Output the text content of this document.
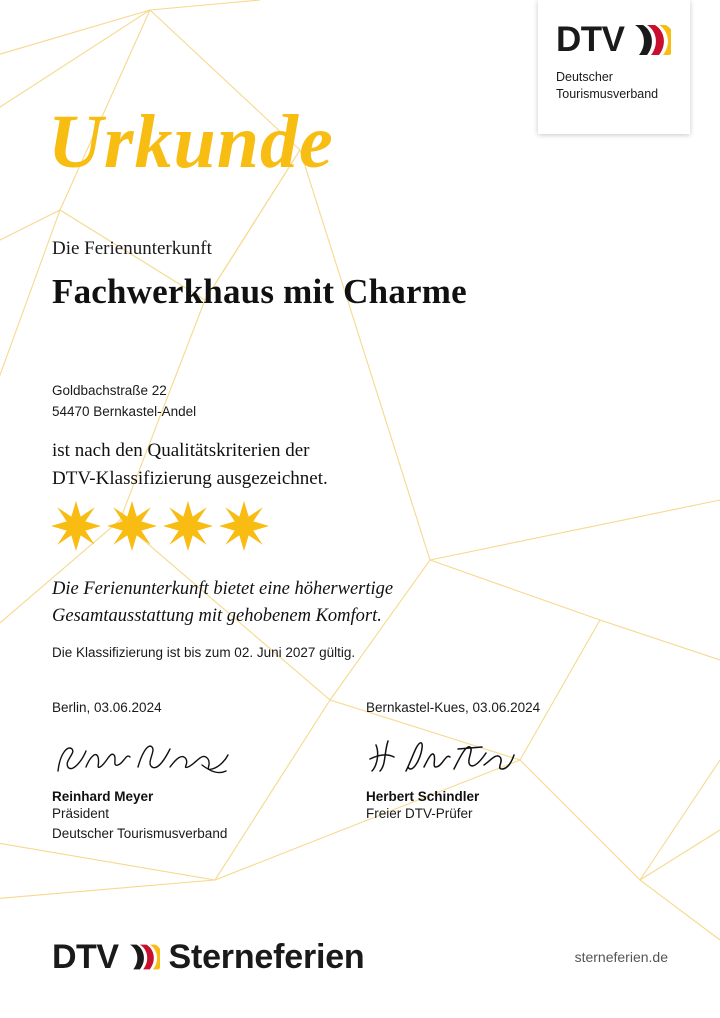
DTV
Deutscher
Tourismusverband
Urkunde
Die Ferienunterkunft
Fachwerkhaus mit Charme
Goldbachstraße 22
54470 Bernkastel-Andel
ist nach den Qualitätskriterien der
DTV-Klassifizierung ausgezeichnet.
Die Ferienunterkunft bietet eine höherwertige
Gesamtausstattung mit gehobenem Komfort.
Die Klassifizierung ist bis zum 02. Juni 2027 gültig.
Berlin, 03.06.2024
Reinhard Meyer
Präsident
Deutscher Tourismusverband
Bernkastel-Kues, 03.06.2024
Herbert Schindler
Freier DTV-Prüfer
DTV Sterneferien	sterneferien.de
